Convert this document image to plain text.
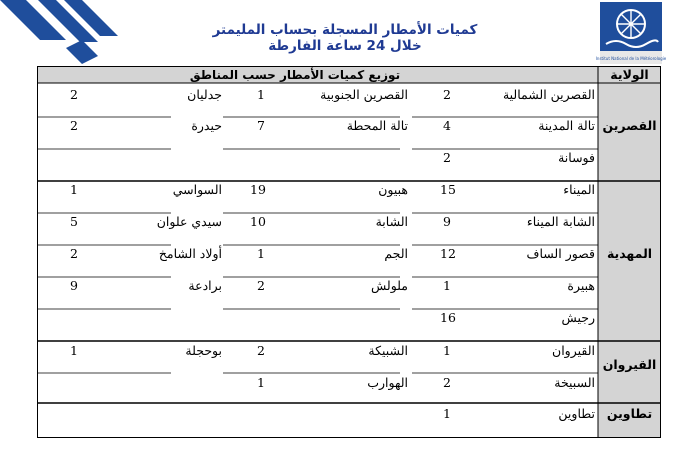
Institut National de la Météorologie
كميات الأمطار المسجلة بحساب المليمتر
خلال 24 ساعة الفارطة
توزيع كميات الأمطار حسب المناطق	الولاية
القصرين
المهدية
القيروان
تطاوين
القصرين الشمالية
2
القصرين الجنوبية
1
جدليان
2
تالة المدينة
4
تالة المحطة
7
حيدرة
2
فوسانة
2
الميناء
15
هبيون
19
السواسي
1
الشابة الميناء
9
الشابة
10
سيدي علوان
5
قصور الساف
12
الجم
1
أولاد الشامخ
2
هبيرة
1
ملولش
2
برادعة
9
رجيش
16
القيروان
1
الشبيكة
2
بوحجلة
1
السبيخة
2
الهوارب
1
تطاوين
1
